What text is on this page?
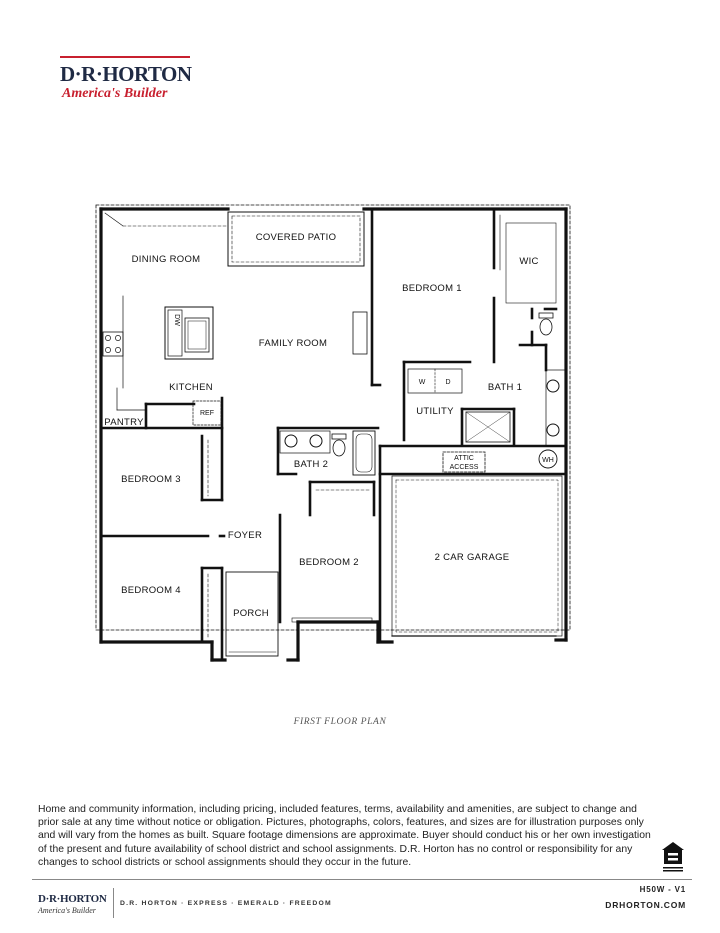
D·R·HORTON
America's Builder
COVERED PATIO
DINING ROOM
FAMILY ROOM
KITCHEN
PANTRY
BEDROOM 1
WIC
BATH 1
UTILITY
BATH 2
BEDROOM 2
BEDROOM 3
BEDROOM 4
FOYER
PORCH
2 CAR GARAGE
REF
DW
W	D
ATTIC
ACCESS
WH
FIRST FLOOR PLAN

Home and community information, including pricing, included features, terms, availability and amenities, are subject to change and prior sale at any time without notice or obligation. Pictures, photographs, colors, features, and sizes are for illustration purposes only and will vary from the homes as built. Square footage dimensions are approximate. Buyer should conduct his or her own investigation of the present and future availability of school district and school assignments. D.R. Horton has no control or responsibility for any changes to school districts or school assignments should they occur in the future.

D·R·HORTON
America's Builder
D.R. HORTON · EXPRESS · EMERALD · FREEDOM
H50W - V1
DRHORTON.COM
